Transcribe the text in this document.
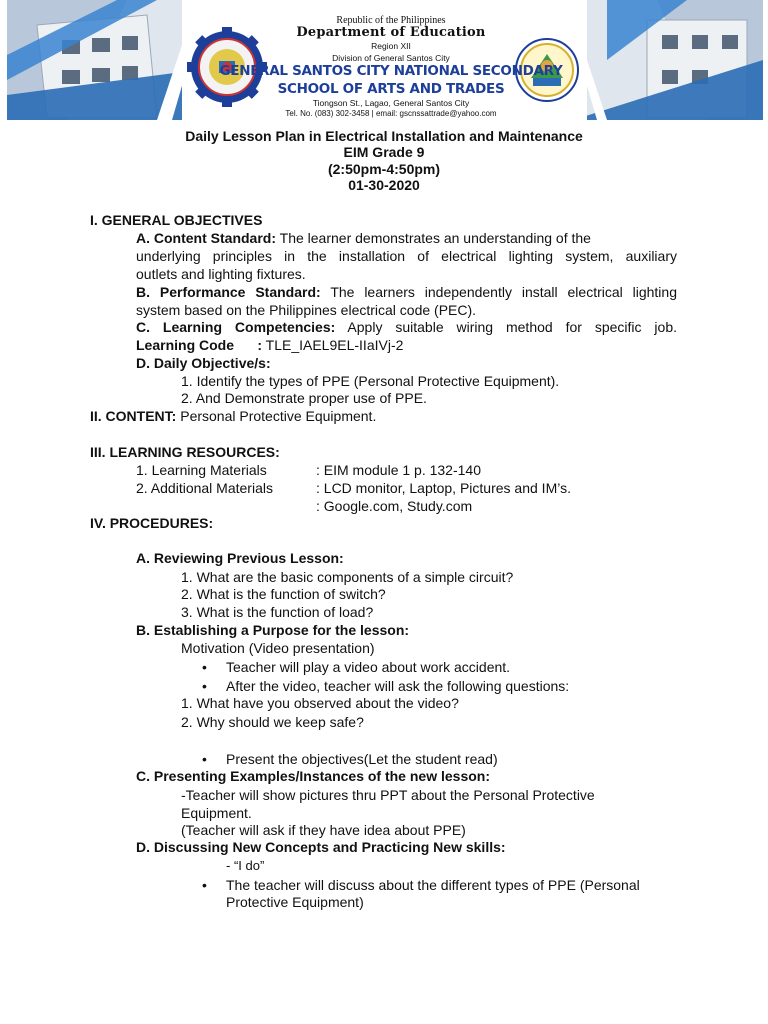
Republic of the Philippines
Department of Education
Region XII
Division of General Santos City
GENERAL SANTOS CITY NATIONAL SECONDARY
SCHOOL OF ARTS AND TRADES
Tiongson St., Lagao, General Santos City
Tel. No. (083) 302-3458 | email: gscnssattrade@yahoo.com
Daily Lesson Plan in Electrical Installation and Maintenance
EIM Grade 9
(2:50pm-4:50pm)
01-30-2020
I. GENERAL OBJECTIVES
A. Content Standard: The learner demonstrates an understanding of the
underlying principles in the installation of electrical lighting system, auxiliary
outlets and lighting fixtures.
B. Performance Standard: The learners independently install electrical lighting
system based on the Philippines electrical code (PEC).
C. Learning Competencies: Apply suitable wiring method for specific job.
Learning Code      : TLE_IAEL9EL-IIaIVj-2
D. Daily Objective/s:
1. Identify the types of PPE (Personal Protective Equipment).
2. And Demonstrate proper use of PPE.
II. CONTENT: Personal Protective Equipment.
III. LEARNING RESOURCES:
1. Learning Materials	: EIM module 1 p. 132-140
2. Additional Materials	: LCD monitor, Laptop, Pictures and IM’s.
: Google.com, Study.com
IV. PROCEDURES:
A. Reviewing Previous Lesson:
1. What are the basic components of a simple circuit?
2. What is the function of switch?
3. What is the function of load?
B. Establishing a Purpose for the lesson:
Motivation (Video presentation)
• Teacher will play a video about work accident.
• After the video, teacher will ask the following questions:
1. What have you observed about the video?
2. Why should we keep safe?
• Present the objectives(Let the student read)
C. Presenting Examples/Instances of the new lesson:
-Teacher will show pictures thru PPT about the Personal Protective
Equipment.
(Teacher will ask if they have idea about PPE)
D. Discussing New Concepts and Practicing New skills:
- “I do”
• The teacher will discuss about the different types of PPE (Personal
Protective Equipment)
